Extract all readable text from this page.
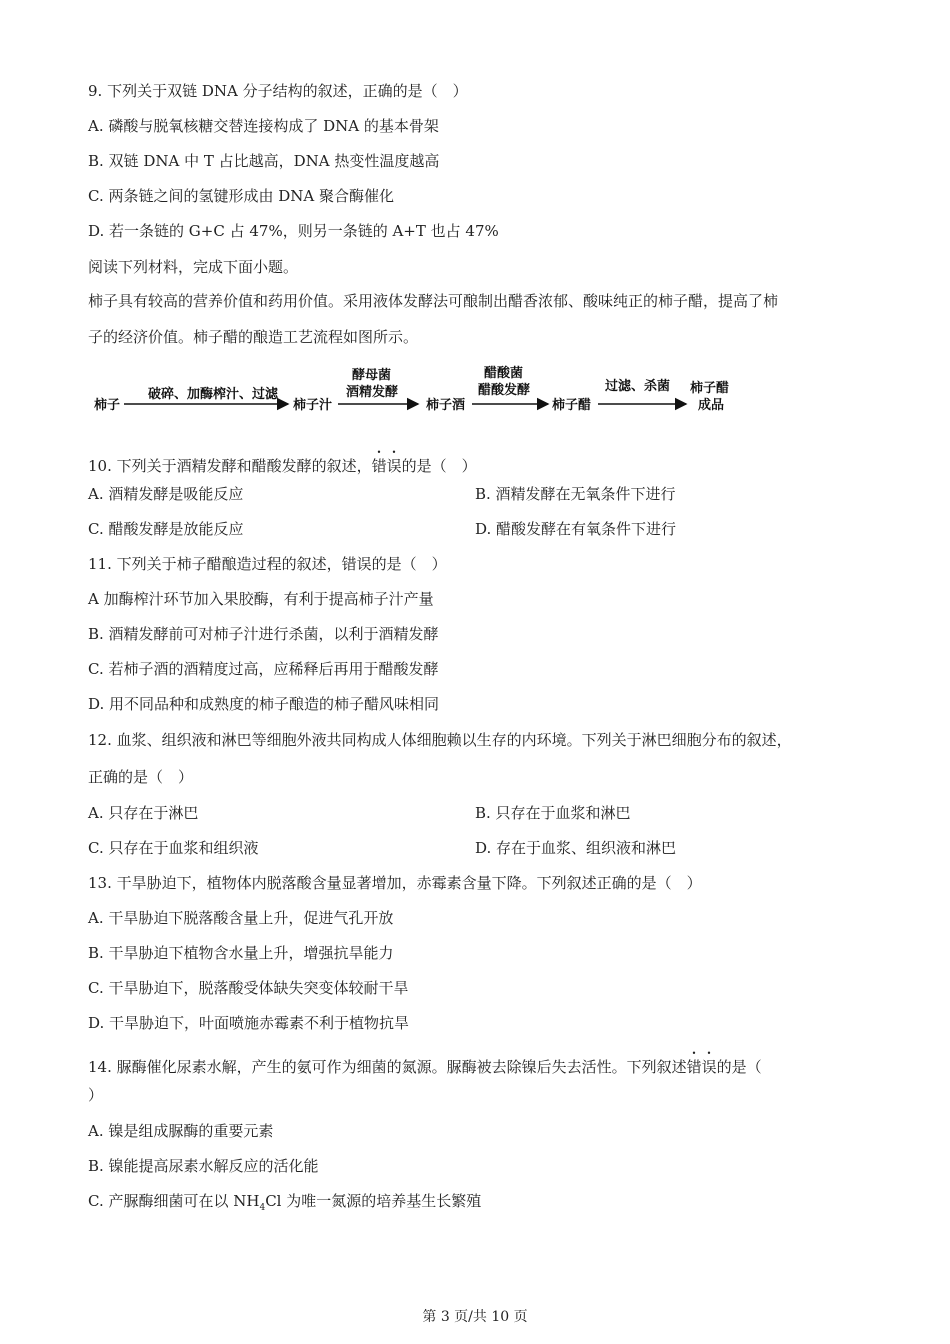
9. 下列关于双链 DNA 分子结构的叙述，正确的是（　）
A. 磷酸与脱氧核糖交替连接构成了 DNA 的基本骨架
B. 双链 DNA 中 T 占比越高，DNA 热变性温度越高
C. 两条链之间的氢键形成由 DNA 聚合酶催化
D. 若一条链的 G+C 占 47%，则另一条链的 A+T 也占 47%
阅读下列材料，完成下面小题。
柿子具有较高的营养价值和药用价值。采用液体发酵法可酿制出醋香浓郁、酸味纯正的柿子醋，提高了柿
子的经济价值。柿子醋的酿造工艺流程如图所示。
柿子
破碎、加酶榨汁、过滤
柿子汁
酵母菌
酒精发酵
柿子酒
醋酸菌
醋酸发酵
柿子醋
过滤、杀菌 柿子醋
成品
10. 下列关于酒精发酵和醋酸发酵的叙述，错误的是（　）
A. 酒精发酵是吸能反应	B. 酒精发酵在无氧条件下进行
C. 醋酸发酵是放能反应	D. 醋酸发酵在有氧条件下进行
11. 下列关于柿子醋酿造过程的叙述，错误的是（　）
A 加酶榨汁环节加入果胶酶，有利于提高柿子汁产量
B. 酒精发酵前可对柿子汁进行杀菌，以利于酒精发酵
C. 若柿子酒的酒精度过高，应稀释后再用于醋酸发酵
D. 用不同品种和成熟度的柿子酿造的柿子醋风味相同
12. 血浆、组织液和淋巴等细胞外液共同构成人体细胞赖以生存的内环境。下列关于淋巴细胞分布的叙述，
正确的是（　）
A. 只存在于淋巴	B. 只存在于血浆和淋巴
C. 只存在于血浆和组织液	D. 存在于血浆、组织液和淋巴
13. 干旱胁迫下，植物体内脱落酸含量显著增加，赤霉素含量下降。下列叙述正确的是（　）
A. 干旱胁迫下脱落酸含量上升，促进气孔开放
B. 干旱胁迫下植物含水量上升，增强抗旱能力
C. 干旱胁迫下，脱落酸受体缺失突变体较耐干旱
D. 干旱胁迫下，叶面喷施赤霉素不利于植物抗旱
14. 脲酶催化尿素水解，产生的氨可作为细菌的氮源。脲酶被去除镍后失去活性。下列叙述错误的是（
）
A. 镍是组成脲酶的重要元素
B. 镍能提高尿素水解反应的活化能
C. 产脲酶细菌可在以 $NH_4Cl$ 为唯一氮源的培养基生长繁殖
第 3 页/共 10 页
